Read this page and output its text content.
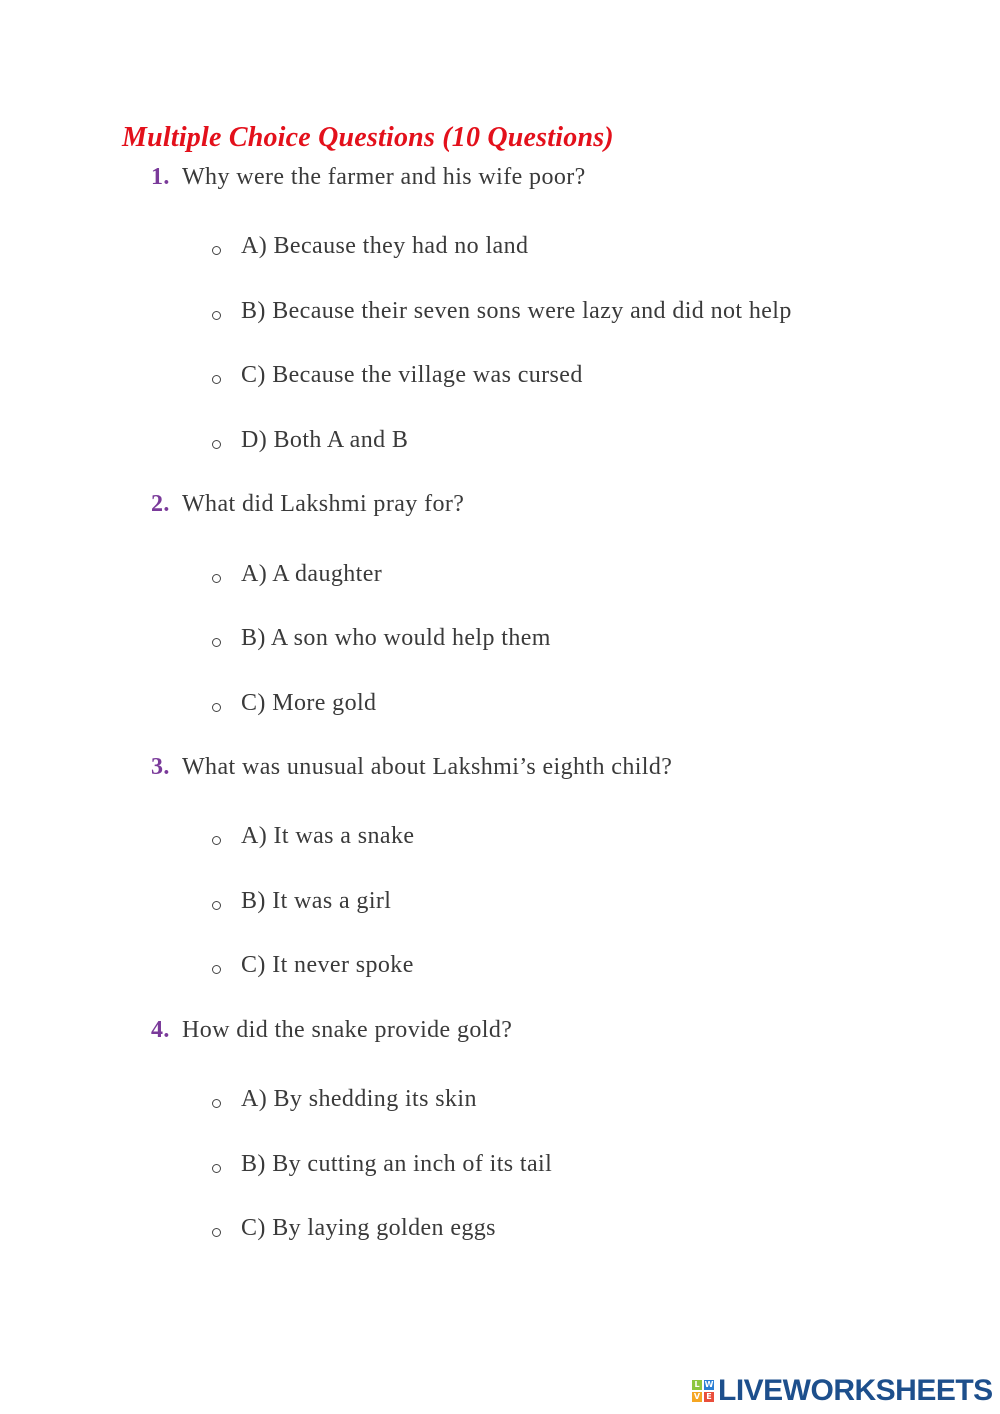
Multiple Choice Questions (10 Questions)
1. Why were the farmer and his wife poor?
A) Because they had no land
B) Because their seven sons were lazy and did not help
C) Because the village was cursed
D) Both A and B
2. What did Lakshmi pray for?
A) A daughter
B) A son who would help them
C) More gold
3. What was unusual about Lakshmi’s eighth child?
A) It was a snake
B) It was a girl
C) It never spoke
4. How did the snake provide gold?
A) By shedding its skin
B) By cutting an inch of its tail
C) By laying golden eggs
L W
V E LIVEWORKSHEETS
